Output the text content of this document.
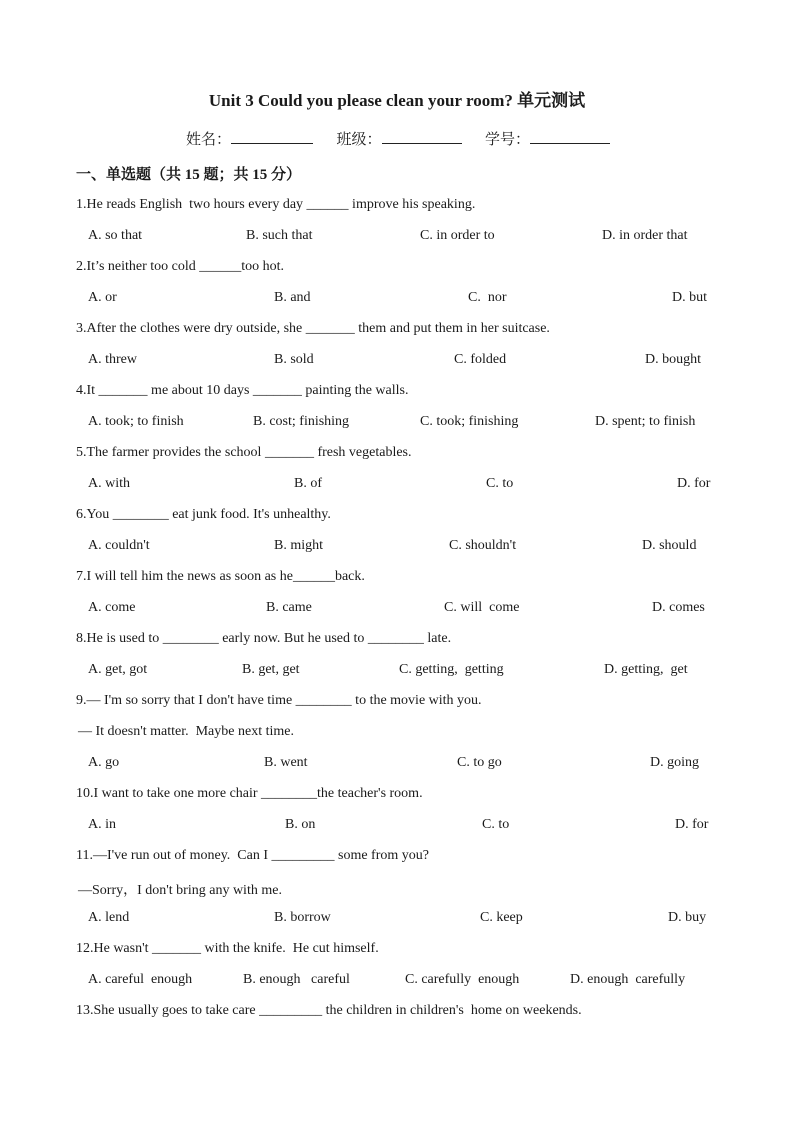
Unit 3 Could you please clean your room? 单元测试
姓名：	班级：	学号：
一、单选题（共 15 题；共 15 分）
1.He reads English  two hours every day ______ improve his speaking.
A. so that	B. such that	C. in order to	D. in order that
2.It’s neither too cold ______too hot.
A. or	B. and	C.  nor	D. but
3.After the clothes were dry outside, she _______ them and put them in her suitcase.
A. threw	B. sold	C. folded	D. bought
4.It _______ me about 10 days _______ painting the walls.
A. took; to finish	B. cost; finishing	C. took; finishing	D. spent; to finish
5.The farmer provides the school _______ fresh vegetables.
A. with	B. of	C. to	D. for
6.You ________ eat junk food. It's unhealthy.
A. couldn't	B. might	C. shouldn't	D. should
7.I will tell him the news as soon as he______back.
A. come	B. came	C. will  come	D. comes
8.He is used to ________ early now. But he used to ________ late.
A. get, got	B. get, get	C. getting,  getting	D. getting,  get
9.— I'm so sorry that I don't have time ________ to the movie with you.
— It doesn't matter.  Maybe next time.
A. go	B. went	C. to go	D. going
10.I want to take one more chair ________the teacher's room.
A. in	B. on	C. to	D. for
11.—I've run out of money.  Can I _________ some from you?
—Sorry，I don't bring any with me.
A. lend	B. borrow	C. keep	D. buy
12.He wasn't _______ with the knife.  He cut himself.
A. careful  enough	B. enough   careful	C. carefully  enough	D. enough  carefully
13.She usually goes to take care _________ the children in children's  home on weekends.
